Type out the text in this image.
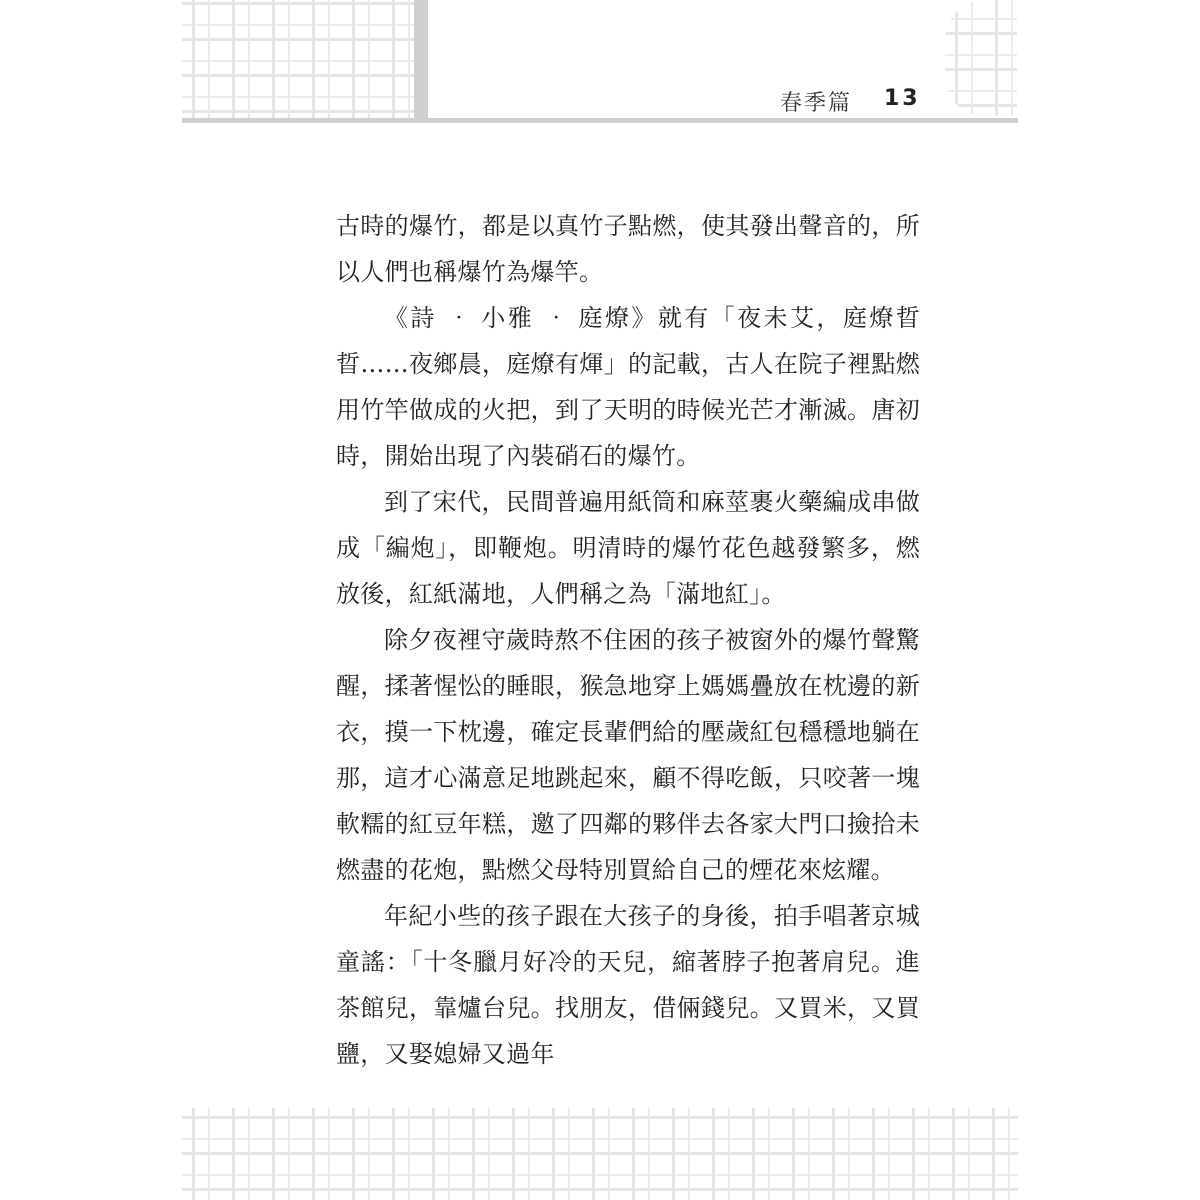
春季篇 13

古時的爆竹，都是以真竹子點燃，使其發出聲音的，所以人們也稱爆竹為爆竿。

《詩 ‧ 小雅 ‧ 庭燎》就有「夜未艾，庭燎晢晢……夜鄉晨，庭燎有煇」的記載，古人在院子裡點燃用竹竿做成的火把，到了天明的時候光芒才漸滅。唐初時，開始出現了內裝硝石的爆竹。

到了宋代，民間普遍用紙筒和麻莖裹火藥編成串做成「編炮」，即鞭炮。明清時的爆竹花色越發繁多，燃放後，紅紙滿地，人們稱之為「滿地紅」。

除夕夜裡守歲時熬不住困的孩子被窗外的爆竹聲驚醒，揉著惺忪的睡眼，猴急地穿上媽媽疊放在枕邊的新衣，摸一下枕邊，確定長輩們給的壓歲紅包穩穩地躺在那，這才心滿意足地跳起來，顧不得吃飯，只咬著一塊軟糯的紅豆年糕，邀了四鄰的夥伴去各家大門口撿拾未燃盡的花炮，點燃父母特別買給自己的煙花來炫耀。

年紀小些的孩子跟在大孩子的身後，拍手唱著京城童謠：「十冬臘月好冷的天兒，縮著脖子抱著肩兒。進茶館兒，靠爐台兒。找朋友，借倆錢兒。又買米，又買鹽，又娶媳婦又過年
